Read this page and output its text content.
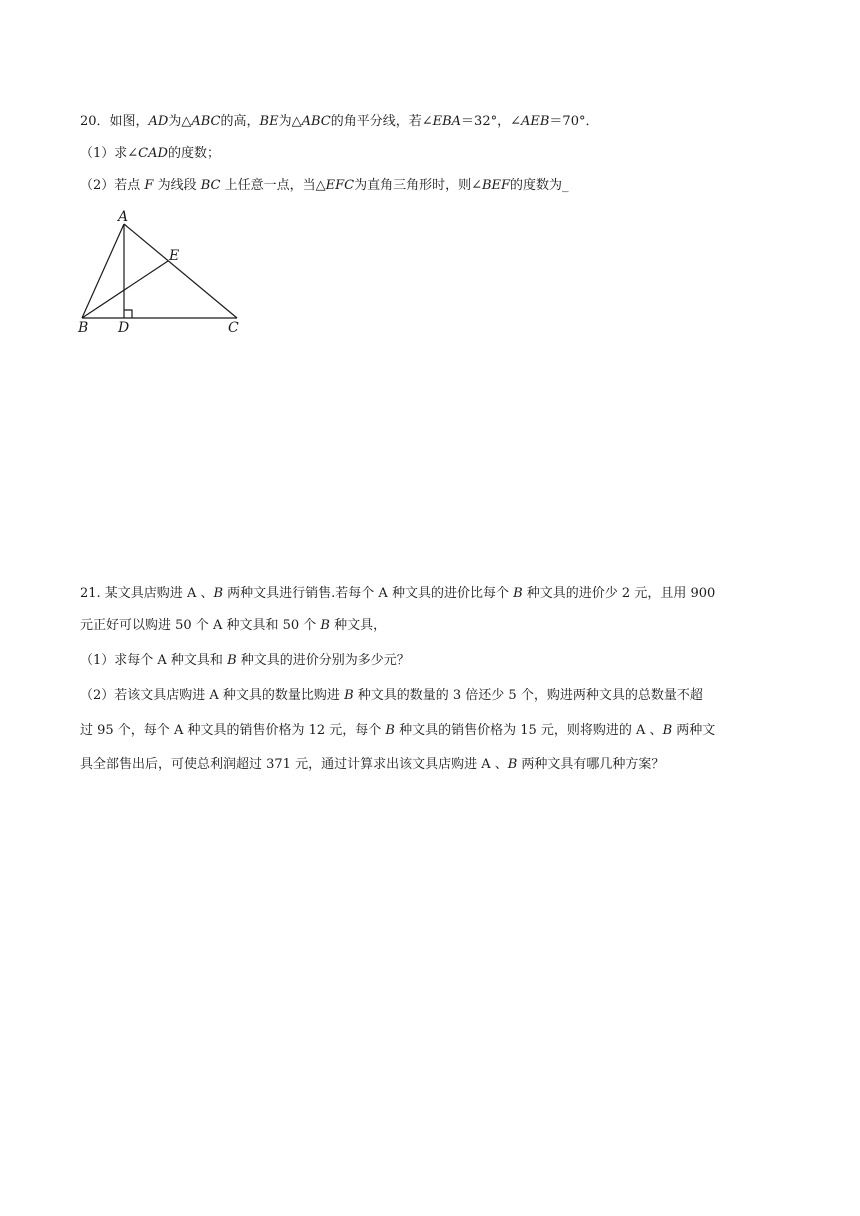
20．如图，AD为△ABC的高，BE为△ABC的角平分线，若∠EBA＝32°，∠AEB＝70°．
（1）求∠CAD的度数；
（2）若点 F 为线段 BC 上任意一点，当△EFC为直角三角形时，则∠BEF的度数为_
A
B	C
D
E
21. 某文具店购进 A 、B 两种文具进行销售.若每个 A 种文具的进价比每个 B 种文具的进价少 2 元，且用 900
元正好可以购进 50 个 A 种文具和 50 个 B 种文具，
（1）求每个 A 种文具和 B 种文具的进价分别为多少元？
（2）若该文具店购进 A 种文具的数量比购进 B 种文具的数量的 3 倍还少 5 个，购进两种文具的总数量不超
过 95 个，每个 A 种文具的销售价格为 12 元，每个 B 种文具的销售价格为 15 元，则将购进的 A 、B 两种文
具全部售出后，可使总利润超过 371 元，通过计算求出该文具店购进 A 、B 两种文具有哪几种方案？
